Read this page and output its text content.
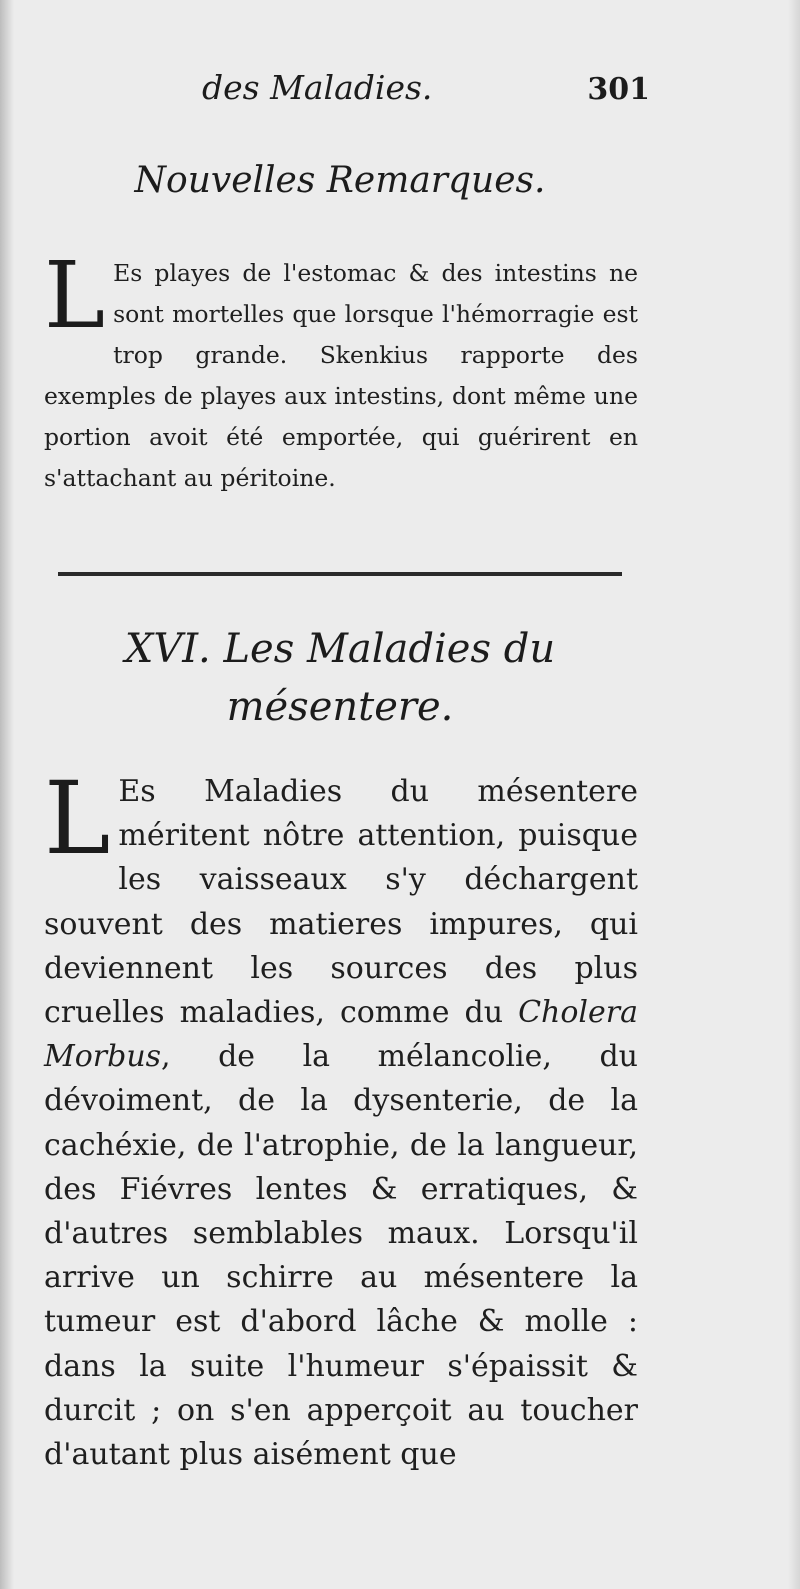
des Maladies.	301
Nouvelles Remarques.
L Es playes de l'estomac & des intestins ne sont mortelles que lorsque l'hémorragie est trop grande. Skenkius rapporte des exemples de playes aux intestins, dont même une portion avoit été emportée, qui guérirent en s'attachant au péritoine.
XVI. Les Maladies du
mésentere.
L Es Maladies du mésentere méritent nôtre attention, puisque les vaisseaux s'y déchargent souvent des matieres impures, qui deviennent les sources des plus cruelles maladies, comme du Cholera Morbus, de la mélancolie, du dévoiment, de la dysenterie, de la cachéxie, de l'atrophie, de la langueur, des Fiévres lentes & erratiques, & d'autres semblables maux. Lorsqu'il arrive un schirre au mésentere la tumeur est d'abord lâche & molle : dans la suite l'humeur s'épaissit & durcit ; on s'en apperçoit au toucher d'autant plus aisément que
